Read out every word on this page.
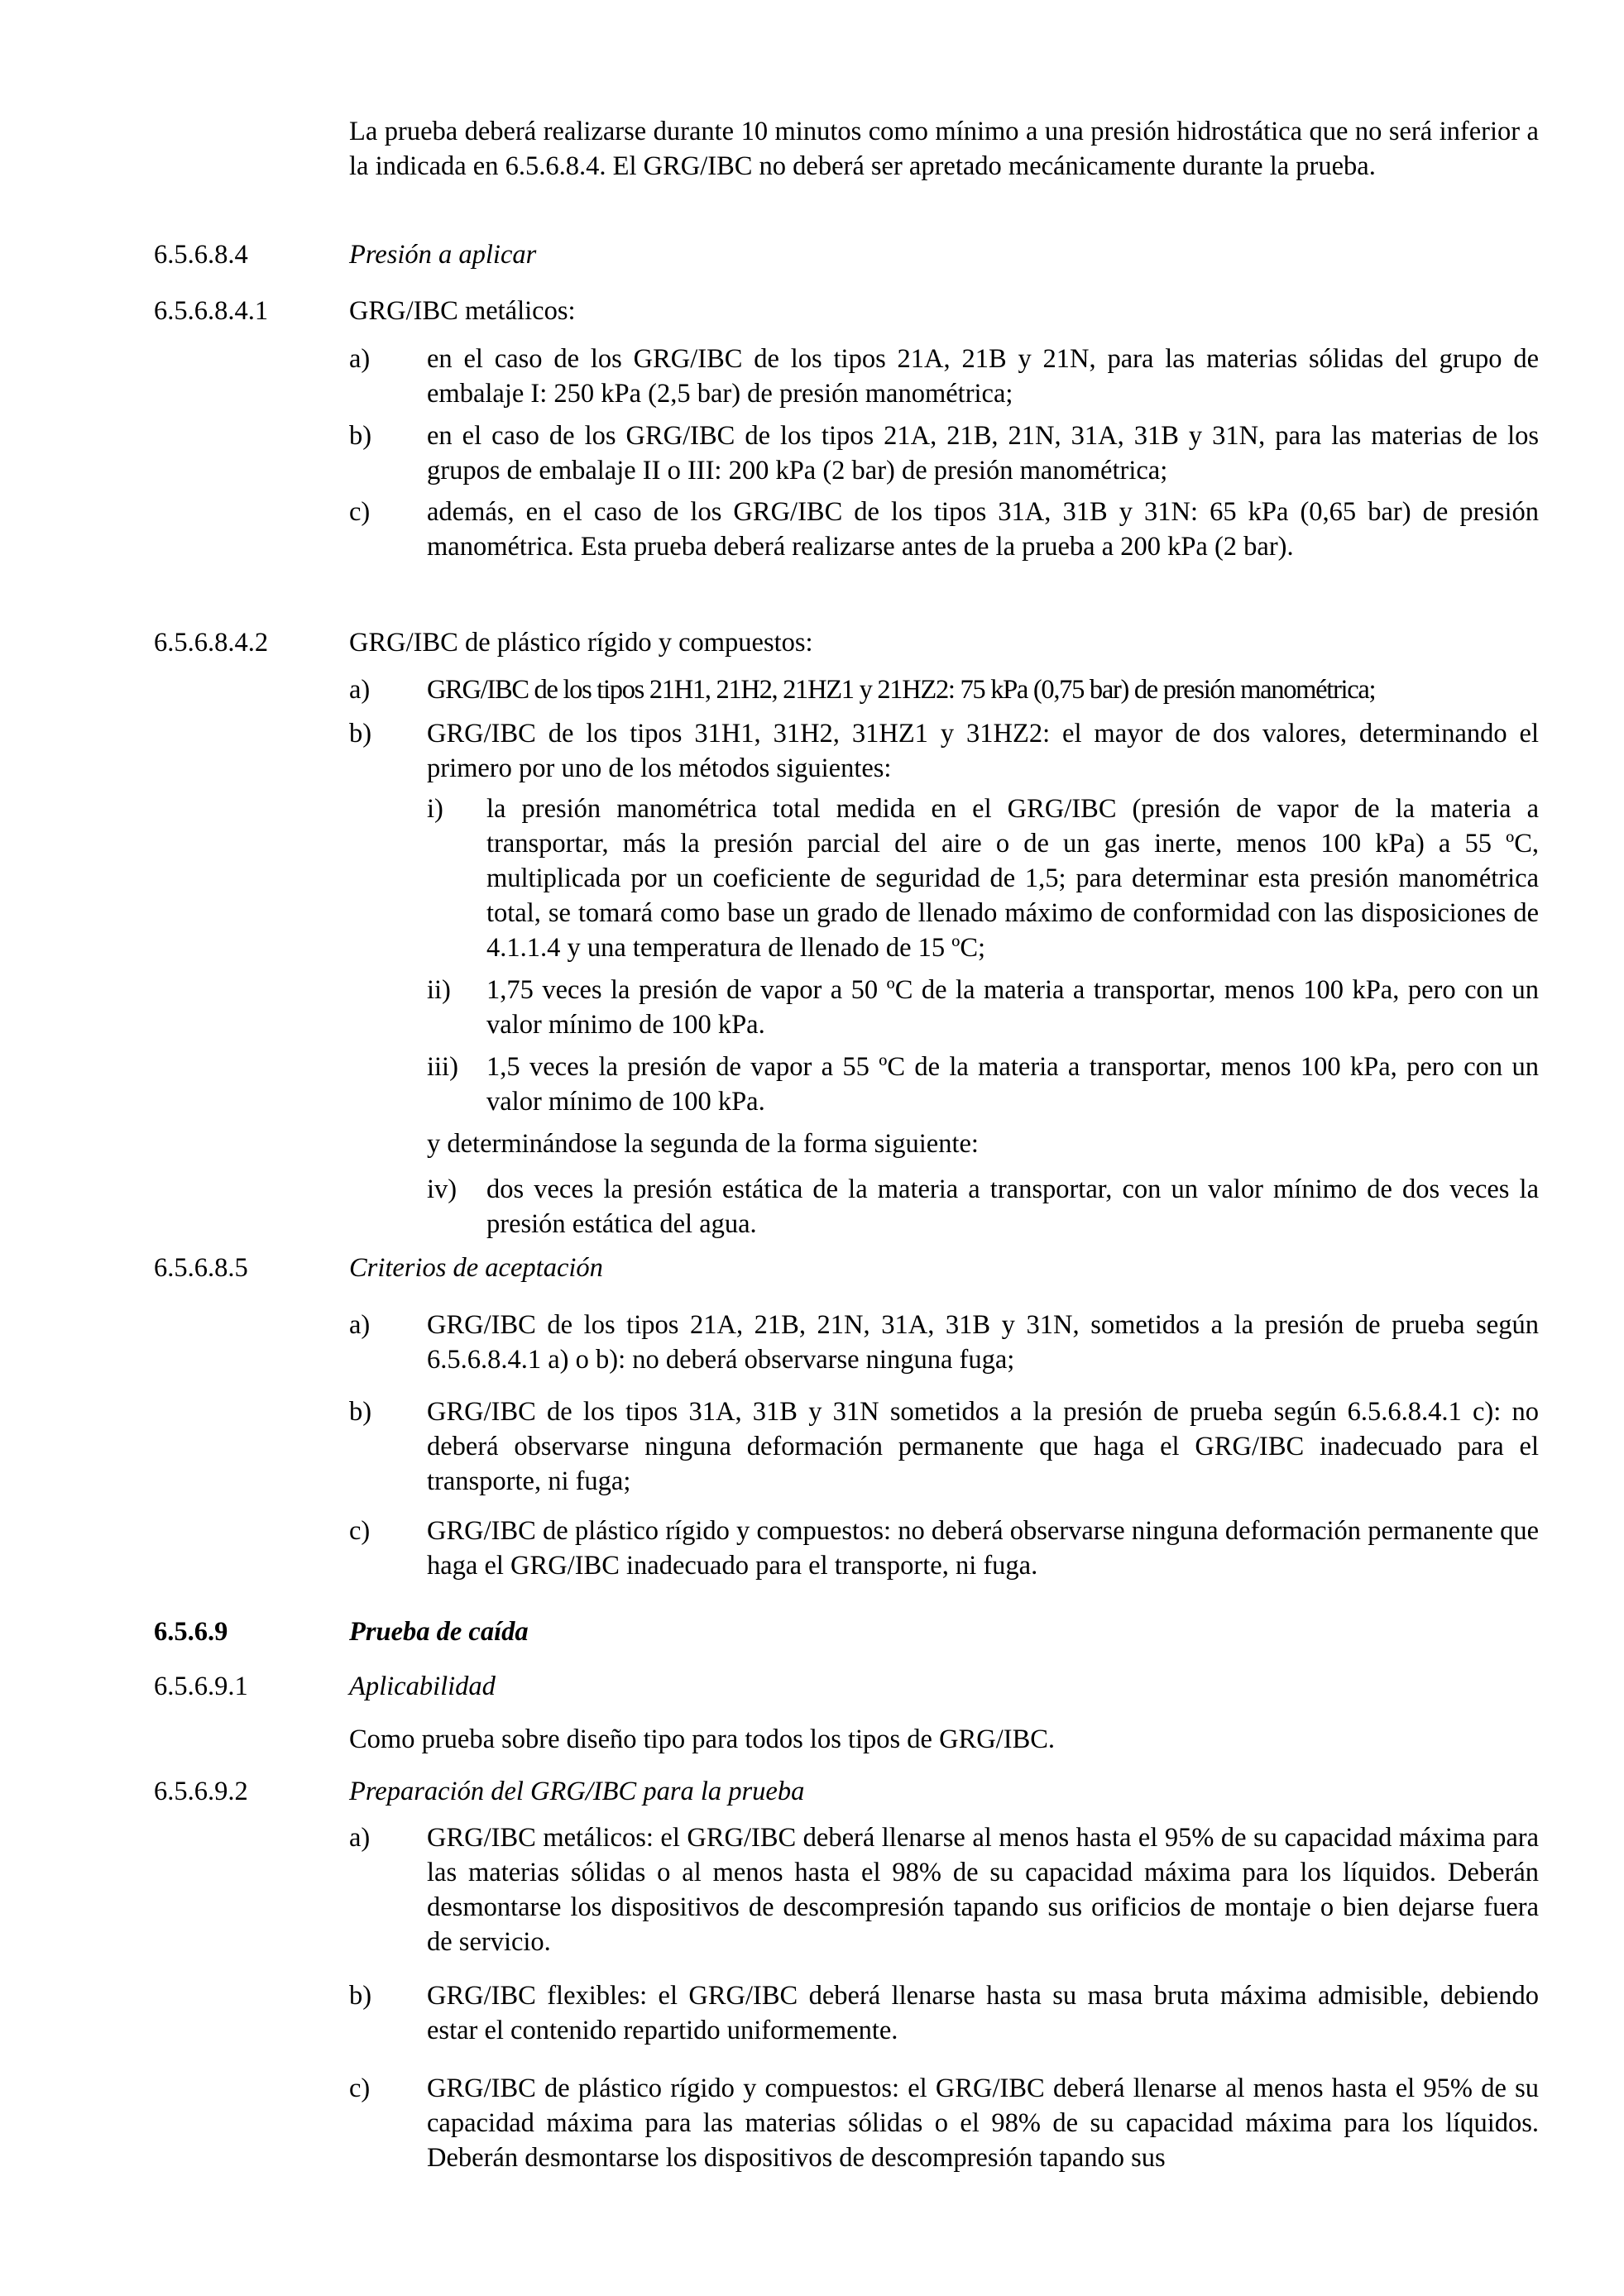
La prueba deberá realizarse durante 10 minutos como mínimo a una presión hidrostática que no será inferior a la indicada en 6.5.6.8.4. El GRG/IBC no deberá ser apretado mecánicamente durante la prueba.

6.5.6.8.4	Presión a aplicar
6.5.6.8.4.1	GRG/IBC metálicos:
a) en el caso de los GRG/IBC de los tipos 21A, 21B y 21N, para las materias sólidas del grupo de embalaje I: 250 kPa (2,5 bar) de presión manométrica;
b) en el caso de los GRG/IBC de los tipos 21A, 21B, 21N, 31A, 31B y 31N, para las materias de los grupos de embalaje II o III: 200 kPa (2 bar) de presión manométrica;
c) además, en el caso de los GRG/IBC de los tipos 31A, 31B y 31N: 65 kPa (0,65 bar) de presión manométrica. Esta prueba deberá realizarse antes de la prueba a 200 kPa (2 bar).
6.5.6.8.4.2	GRG/IBC de plástico rígido y compuestos:
a) GRG/IBC de los tipos 21H1, 21H2, 21HZ1 y 21HZ2: 75 kPa (0,75 bar) de presión manométrica;
b) GRG/IBC de los tipos 31H1, 31H2, 31HZ1 y 31HZ2: el mayor de dos valores, determinando el primero por uno de los métodos siguientes:
i) la presión manométrica total medida en el GRG/IBC (presión de vapor de la materia a transportar, más la presión parcial del aire o de un gas inerte, menos 100 kPa) a 55 ºC, multiplicada por un coeficiente de seguridad de 1,5; para determinar esta presión manométrica total, se tomará como base un grado de llenado máximo de conformidad con las disposiciones de 4.1.1.4 y una temperatura de llenado de 15 ºC;
ii) 1,75 veces la presión de vapor a 50 ºC de la materia a transportar, menos 100 kPa, pero con un valor mínimo de 100 kPa.
iii) 1,5 veces la presión de vapor a 55 ºC de la materia a transportar, menos 100 kPa, pero con un valor mínimo de 100 kPa.

y determinándose la segunda de la forma siguiente:

iv) dos veces la presión estática de la materia a transportar, con un valor mínimo de dos veces la presión estática del agua.
6.5.6.8.5	Criterios de aceptación
a) GRG/IBC de los tipos 21A, 21B, 21N, 31A, 31B y 31N, sometidos a la presión de prueba según 6.5.6.8.4.1 a) o b): no deberá observarse ninguna fuga;
b) GRG/IBC de los tipos 31A, 31B y 31N sometidos a la presión de prueba según 6.5.6.8.4.1 c): no deberá observarse ninguna deformación permanente que haga el GRG/IBC inadecuado para el transporte, ni fuga;
c) GRG/IBC de plástico rígido y compuestos: no deberá observarse ninguna deformación permanente que haga el GRG/IBC inadecuado para el transporte, ni fuga.
6.5.6.9	Prueba de caída
6.5.6.9.1	Aplicabilidad
Como prueba sobre diseño tipo para todos los tipos de GRG/IBC.
6.5.6.9.2	Preparación del GRG/IBC para la prueba
a) GRG/IBC metálicos: el GRG/IBC deberá llenarse al menos hasta el 95% de su capacidad máxima para las materias sólidas o al menos hasta el 98% de su capacidad máxima para los líquidos. Deberán desmontarse los dispositivos de descompresión tapando sus orificios de montaje o bien dejarse fuera de servicio.
b) GRG/IBC flexibles: el GRG/IBC deberá llenarse hasta su masa bruta máxima admisible, debiendo estar el contenido repartido uniformemente.
c) GRG/IBC de plástico rígido y compuestos: el GRG/IBC deberá llenarse al menos hasta el 95% de su capacidad máxima para las materias sólidas o el 98% de su capacidad máxima para los líquidos. Deberán desmontarse los dispositivos de descompresión tapando sus
